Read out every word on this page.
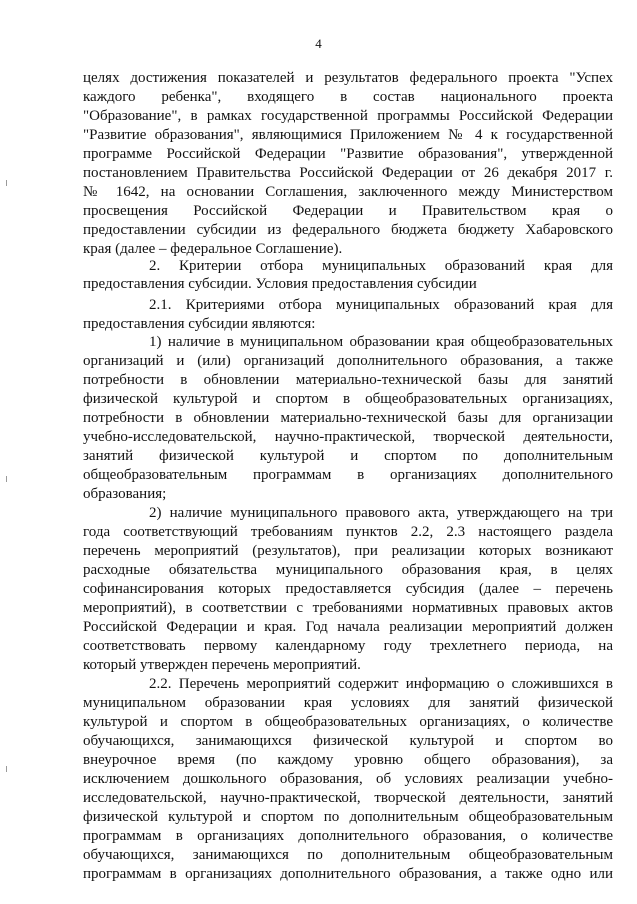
4
целях достижения показателей и результатов федерального проекта "Успех
каждого ребенка", входящего в состав национального проекта
"Образование", в рамках государственной программы Российской Федерации
"Развитие образования", являющимися Приложением № 4 к государственной
программе Российской Федерации "Развитие образования", утвержденной
постановлением Правительства Российской Федерации от 26 декабря 2017 г.
№ 1642, на основании Соглашения, заключенного между Министерством
просвещения Российской Федерации и Правительством края о
предоставлении субсидии из федерального бюджета бюджету Хабаровского
края (далее – федеральное Соглашение).
2. Критерии отбора муниципальных образований края для
предоставления субсидии. Условия предоставления субсидии
2.1. Критериями отбора муниципальных образований края для
предоставления субсидии являются:
1) наличие в муниципальном образовании края общеобразовательных
организаций и (или) организаций дополнительного образования, а также
потребности в обновлении материально-технической базы для занятий
физической культурой и спортом в общеобразовательных организациях,
потребности в обновлении материально-технической базы для организации
учебно-исследовательской, научно-практической, творческой деятельности,
занятий физической культурой и спортом по дополнительным
общеобразовательным программам в организациях дополнительного
образования;
2) наличие муниципального правового акта, утверждающего на три
года соответствующий требованиям пунктов 2.2, 2.3 настоящего раздела
перечень мероприятий (результатов), при реализации которых возникают
расходные обязательства муниципального образования края, в целях
софинансирования которых предоставляется субсидия (далее – перечень
мероприятий), в соответствии с требованиями нормативных правовых актов
Российской Федерации и края. Год начала реализации мероприятий должен
соответствовать первому календарному году трехлетнего периода, на
который утвержден перечень мероприятий.
2.2. Перечень мероприятий содержит информацию о сложившихся в
муниципальном образовании края условиях для занятий физической
культурой и спортом в общеобразовательных организациях, о количестве
обучающихся, занимающихся физической культурой и спортом во
внеурочное время (по каждому уровню общего образования), за
исключением дошкольного образования, об условиях реализации учебно-
исследовательской, научно-практической, творческой деятельности, занятий
физической культурой и спортом по дополнительным общеобразовательным
программам в организациях дополнительного образования, о количестве
обучающихся, занимающихся по дополнительным общеобразовательным
программам в организациях дополнительного образования, а также одно или
